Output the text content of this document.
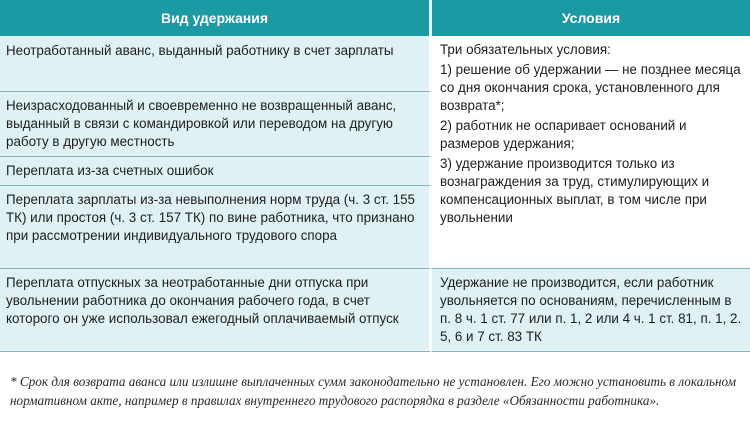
Вид удержания	Условия
Неотработанный аванс, выданный работнику в счет зарплаты	Три обязательных условия:
1) решение об удержании — не позднее месяца со дня окончания срока, установленного для возврата*;
2) работник не оспаривает оснований и размеров удержания;
3) удержание производится только из вознаграждения за труд, стимулирующих и компенсационных выплат, в том числе при увольнении

Неизрасходованный и своевременно не возвращенный аванс, выданный в связи с командировкой или переводом на другую работу в другую местность	
Переплата из-за счетных ошибок	
Переплата зарплаты из-за невыполнения норм труда (ч. 3 ст. 155 ТК) или простоя (ч. 3 ст. 157 ТК) по вине работника, что признано при рассмотрении индивидуального трудового спора	
Переплата отпускных за неотработанные дни отпуска при увольнении работника до окончания рабочего года, в счет которого он уже использовал ежегодный оплачиваемый отпуск	Удержание не производится, если работник увольняется по основаниям, перечисленным в п. 8 ч. 1 ст. 77 или п. 1, 2 или 4 ч. 1 ст. 81, п. 1, 2. 5, 6 и 7 ст. 83 ТК
* Срок для возврата аванса или излишне выплаченных сумм законодательно не установлен. Его можно установить в локальном нормативном акте, например в правилах внутреннего трудового распорядка в разделе «Обязанности работника».
